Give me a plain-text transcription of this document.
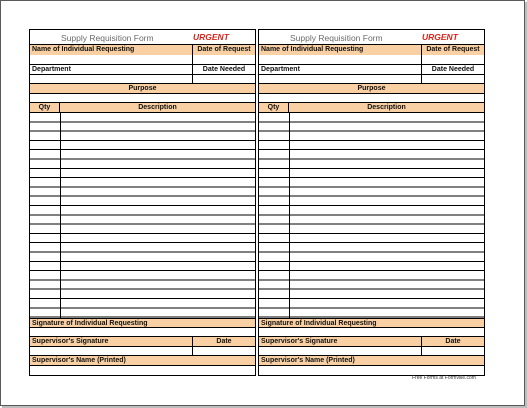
Supply Requisition Form	URGENT
Name of Individual Requesting	Date of Request
Department	Date Needed
Purpose
Qty	Description
Signature of Individual Requesting
Supervisor's Signature	Date
Supervisor's Name (Printed)
Supply Requisition Form	URGENT
Name of Individual Requesting	Date of Request
Department	Date Needed
Purpose
Qty	Description
Signature of Individual Requesting
Supervisor's Signature	Date
Supervisor's Name (Printed)
Free Forms at Formville.com
